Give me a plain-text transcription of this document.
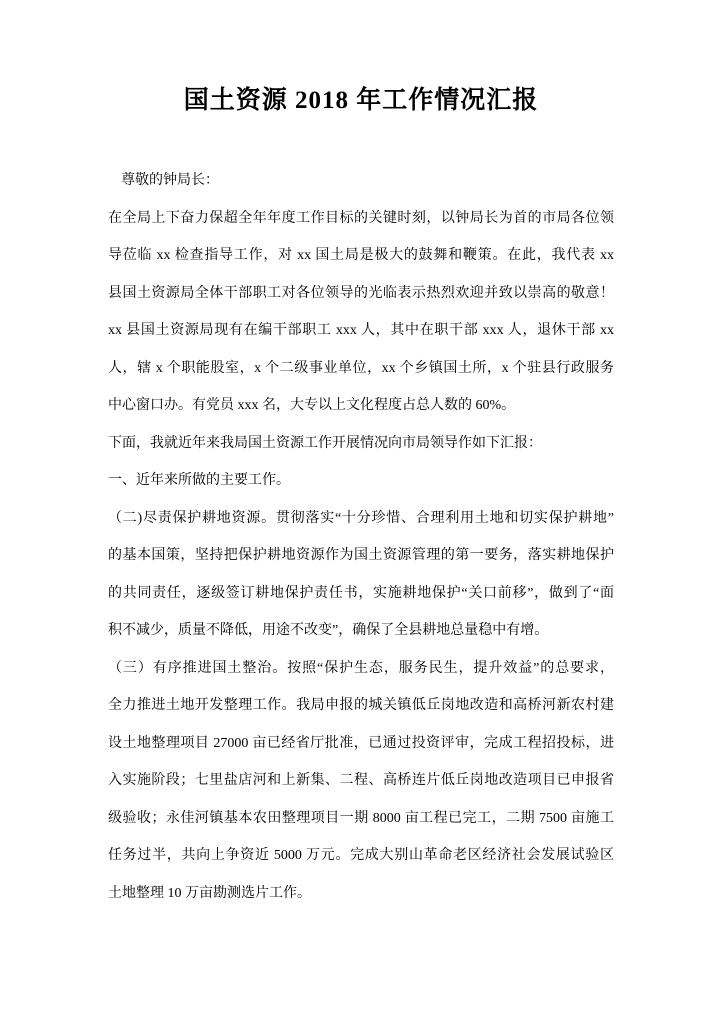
国土资源 2018 年工作情况汇报
尊敬的钟局长：
在全局上下奋力保超全年年度工作目标的关键时刻，以钟局长为首的市局各位领
导莅临 xx 检查指导工作，对 xx 国土局是极大的鼓舞和鞭策。在此，我代表 xx
县国土资源局全体干部职工对各位领导的光临表示热烈欢迎并致以崇高的敬意！
xx 县国土资源局现有在编干部职工 xxx 人，其中在职干部 xxx 人，退休干部 xx
人，辖 x 个职能股室，x 个二级事业单位，xx 个乡镇国土所，x 个驻县行政服务
中心窗口办。有党员 xxx 名，大专以上文化程度占总人数的 60%。
下面，我就近年来我局国土资源工作开展情况向市局领导作如下汇报：
一、近年来所做的主要工作。
（二)尽责保护耕地资源。贯彻落实“十分珍惜、合理利用土地和切实保护耕地”
的基本国策，坚持把保护耕地资源作为国土资源管理的第一要务，落实耕地保护
的共同责任，逐级签订耕地保护责任书，实施耕地保护“关口前移”，做到了“面
积不减少，质量不降低，用途不改变”，确保了全县耕地总量稳中有增。
（三）有序推进国土整治。按照“保护生态，服务民生，提升效益”的总要求，
全力推进土地开发整理工作。我局申报的城关镇低丘岗地改造和高桥河新农村建
设土地整理项目 27000 亩已经省厅批准，已通过投资评审，完成工程招投标，进
入实施阶段；七里盐店河和上新集、二程、高桥连片低丘岗地改造项目已申报省
级验收；永佳河镇基本农田整理项目一期 8000 亩工程已完工，二期 7500 亩施工
任务过半，共向上争资近 5000 万元。完成大别山革命老区经济社会发展试验区
土地整理 10 万亩勘测选片工作。
